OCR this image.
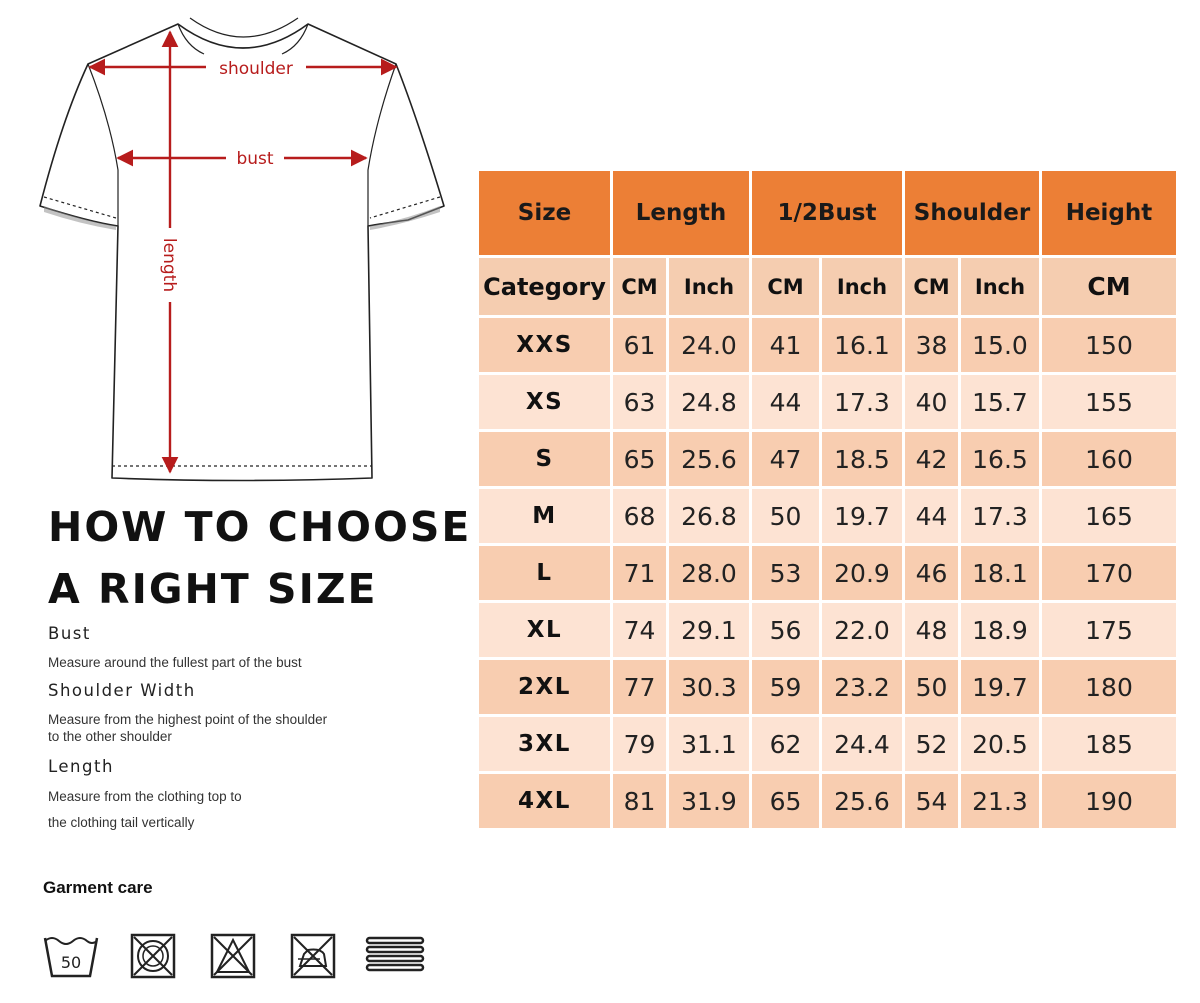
shoulder
bust
length
HOW TO CHOOSE
A RIGHT SIZE
Bust
Measure around the fullest part of the bust
Shoulder Width
Measure from the highest point of the shoulder
to the other shoulder
Length
Measure from the clothing top to
the clothing tail vertically
Garment care
50
Size	Length		1/2Bust		Shoulder		Height
Category	CM	Inch	CM	Inch	CM	Inch	CM
XXS	61	24.0	41	16.1	38	15.0	150
XS	63	24.8	44	17.3	40	15.7	155
S	65	25.6	47	18.5	42	16.5	160
M	68	26.8	50	19.7	44	17.3	165
L	71	28.0	53	20.9	46	18.1	170
XL	74	29.1	56	22.0	48	18.9	175
2XL	77	30.3	59	23.2	50	19.7	180
3XL	79	31.1	62	24.4	52	20.5	185
4XL	81	31.9	65	25.6	54	21.3	190
